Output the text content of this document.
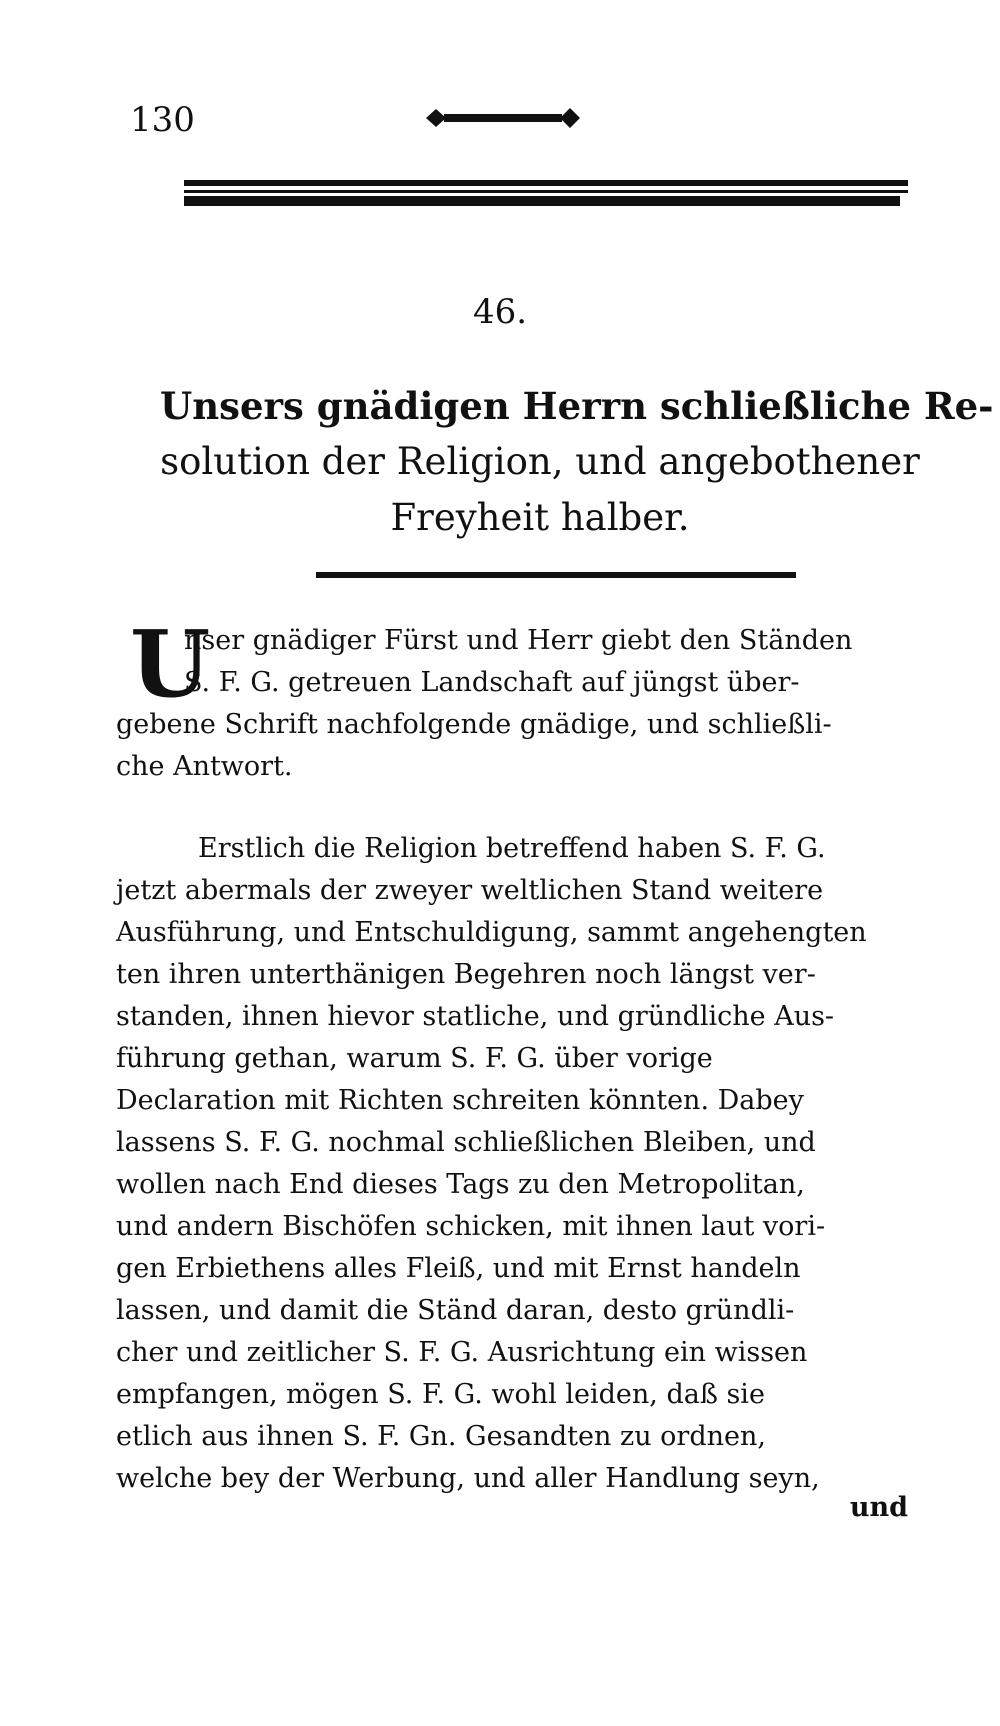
130
46.
Unsers gnädigen Herrn schließliche Re-
solution der Religion, und angebothener
Freyheit halber.
U

nser gnädiger Fürst und Herr giebt den Ständen
S. F. G. getreuen Landschaft auf jüngst über-
gebene Schrift nachfolgende gnädige, und schließli-
che Antwort.

Erstlich die Religion betreffend haben S. F. G.
jetzt abermals der zweyer weltlichen Stand weitere
Ausführung, und Entschuldigung, sammt angehengten
ten ihren unterthänigen Begehren noch längst ver-
standen, ihnen hievor statliche, und gründliche Aus-
führung gethan, warum S. F. G. über vorige
Declaration mit Richten schreiten könnten. Dabey
lassens S. F. G. nochmal schließlichen Bleiben, und
wollen nach End dieses Tags zu den Metropolitan,
und andern Bischöfen schicken, mit ihnen laut vori-
gen Erbiethens alles Fleiß, und mit Ernst handeln
lassen, und damit die Ständ daran, desto gründli-
cher und zeitlicher S. F. G. Ausrichtung ein wissen
empfangen, mögen S. F. G. wohl leiden, daß sie
etlich aus ihnen S. F. Gn. Gesandten zu ordnen,
welche bey der Werbung, und aller Handlung seyn,

und
